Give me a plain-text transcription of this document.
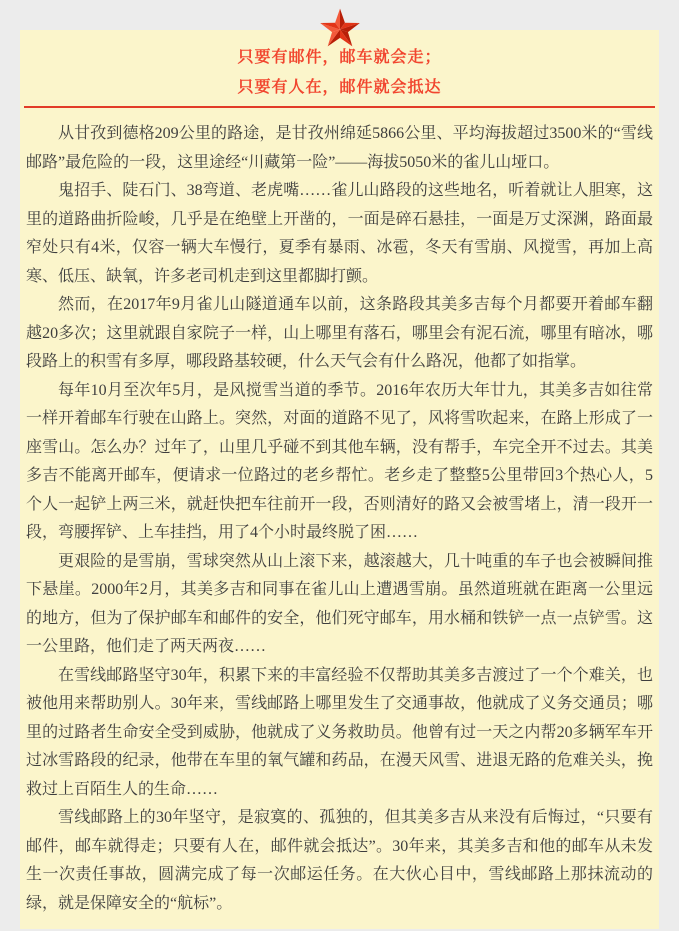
只要有邮件，邮车就会走；
只要有人在，邮件就会抵达

从甘孜到德格209公里的路途，是甘孜州绵延5866公里、平均海拔超过3500米的“雪线邮路”最危险的一段，这里途经“川藏第一险”——海拔5050米的雀儿山垭口。

鬼招手、陡石门、38弯道、老虎嘴……雀儿山路段的这些地名，听着就让人胆寒，这里的道路曲折险峻，几乎是在绝壁上开凿的，一面是碎石悬挂，一面是万丈深渊，路面最窄处只有4米，仅容一辆大车慢行，夏季有暴雨、冰雹，冬天有雪崩、风搅雪，再加上高寒、低压、缺氧，许多老司机走到这里都脚打颤。

然而，在2017年9月雀儿山隧道通车以前，这条路段其美多吉每个月都要开着邮车翻越20多次；这里就跟自家院子一样，山上哪里有落石，哪里会有泥石流，哪里有暗冰，哪段路上的积雪有多厚，哪段路基较硬，什么天气会有什么路况，他都了如指掌。

每年10月至次年5月，是风搅雪当道的季节。2016年农历大年廿九，其美多吉如往常一样开着邮车行驶在山路上。突然，对面的道路不见了，风将雪吹起来，在路上形成了一座雪山。怎么办？过年了，山里几乎碰不到其他车辆，没有帮手，车完全开不过去。其美多吉不能离开邮车，便请求一位路过的老乡帮忙。老乡走了整整5公里带回3个热心人，5个人一起铲上两三米，就赶快把车往前开一段，否则清好的路又会被雪堵上，清一段开一段，弯腰挥铲、上车挂挡，用了4个小时最终脱了困……

更艰险的是雪崩，雪球突然从山上滚下来，越滚越大，几十吨重的车子也会被瞬间推下悬崖。2000年2月，其美多吉和同事在雀儿山上遭遇雪崩。虽然道班就在距离一公里远的地方，但为了保护邮车和邮件的安全，他们死守邮车，用水桶和铁铲一点一点铲雪。这一公里路，他们走了两天两夜……

在雪线邮路坚守30年，积累下来的丰富经验不仅帮助其美多吉渡过了一个个难关，也被他用来帮助别人。30年来，雪线邮路上哪里发生了交通事故，他就成了义务交通员；哪里的过路者生命安全受到威胁，他就成了义务救助员。他曾有过一天之内帮20多辆军车开过冰雪路段的纪录，他带在车里的氧气罐和药品，在漫天风雪、进退无路的危难关头，挽救过上百陌生人的生命……

雪线邮路上的30年坚守，是寂寞的、孤独的，但其美多吉从来没有后悔过，“只要有邮件，邮车就得走；只要有人在，邮件就会抵达”。30年来，其美多吉和他的邮车从未发生一次责任事故，圆满完成了每一次邮运任务。在大伙心目中，雪线邮路上那抹流动的绿，就是保障安全的“航标”。
